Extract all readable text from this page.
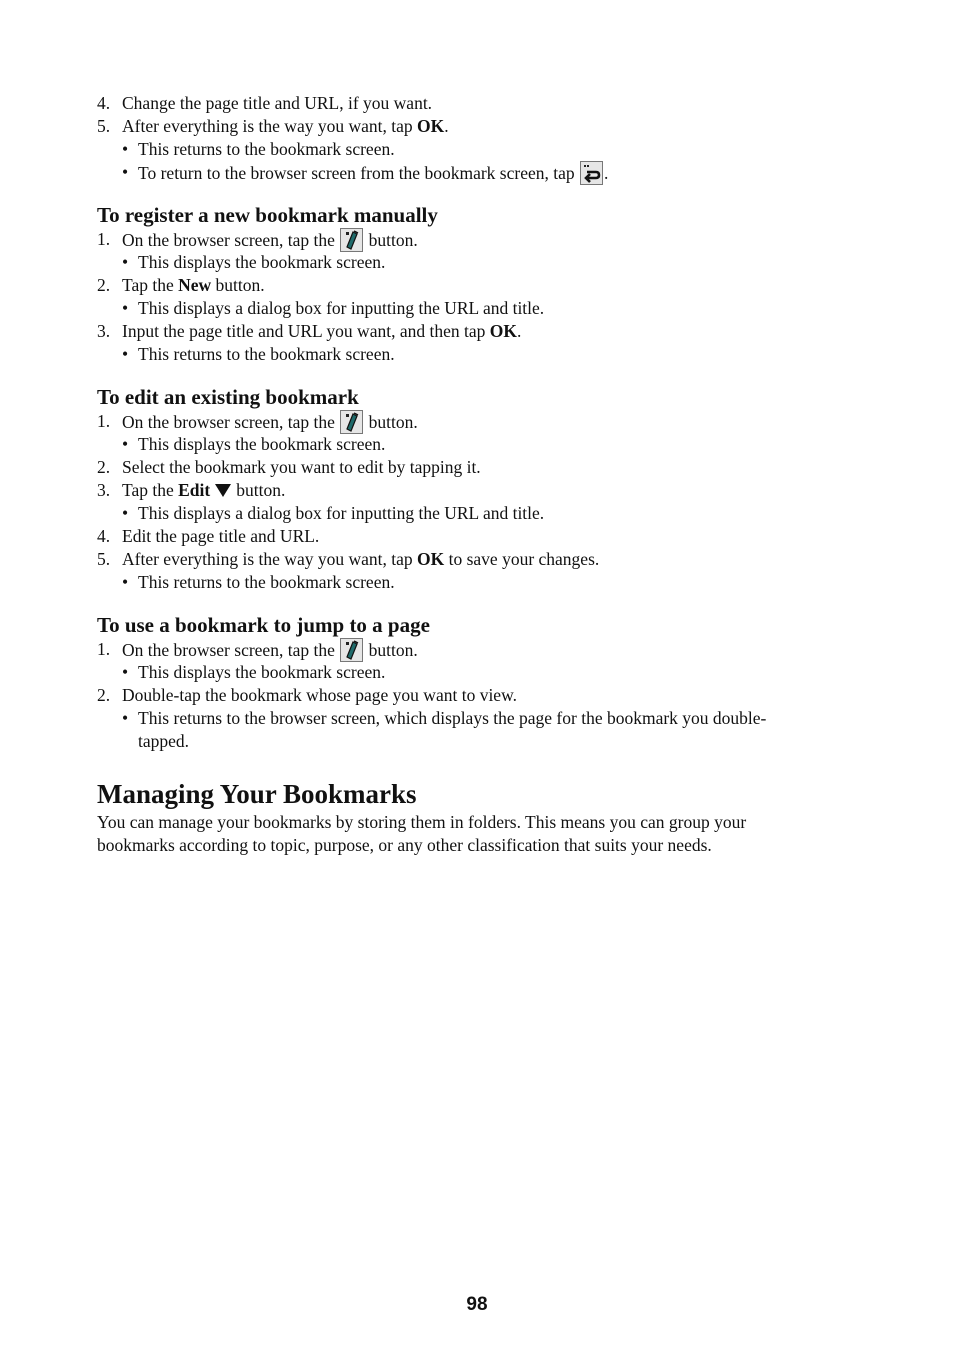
4. Change the page title and URL, if you want.
5. After everything is the way you want, tap OK.
• This returns to the bookmark screen.
• To return to the browser screen from the bookmark screen, tap .
To register a new bookmark manually
1. On the browser screen, tap the button.
• This displays the bookmark screen.
2. Tap the New button.
• This displays a dialog box for inputting the URL and title.
3. Input the page title and URL you want, and then tap OK.
• This returns to the bookmark screen.
To edit an existing bookmark
1. On the browser screen, tap the button.
• This displays the bookmark screen.
2. Select the bookmark you want to edit by tapping it.
3. Tap the Edit button.
• This displays a dialog box for inputting the URL and title.
4. Edit the page title and URL.
5. After everything is the way you want, tap OK to save your changes.
• This returns to the bookmark screen.
To use a bookmark to jump to a page
1. On the browser screen, tap the button.
• This displays the bookmark screen.
2. Double-tap the bookmark whose page you want to view.
• This returns to the browser screen, which displays the page for the bookmark you double-
tapped.
Managing Your Bookmarks
You can manage your bookmarks by storing them in folders. This means you can group your
bookmarks according to topic, purpose, or any other classification that suits your needs.
98
